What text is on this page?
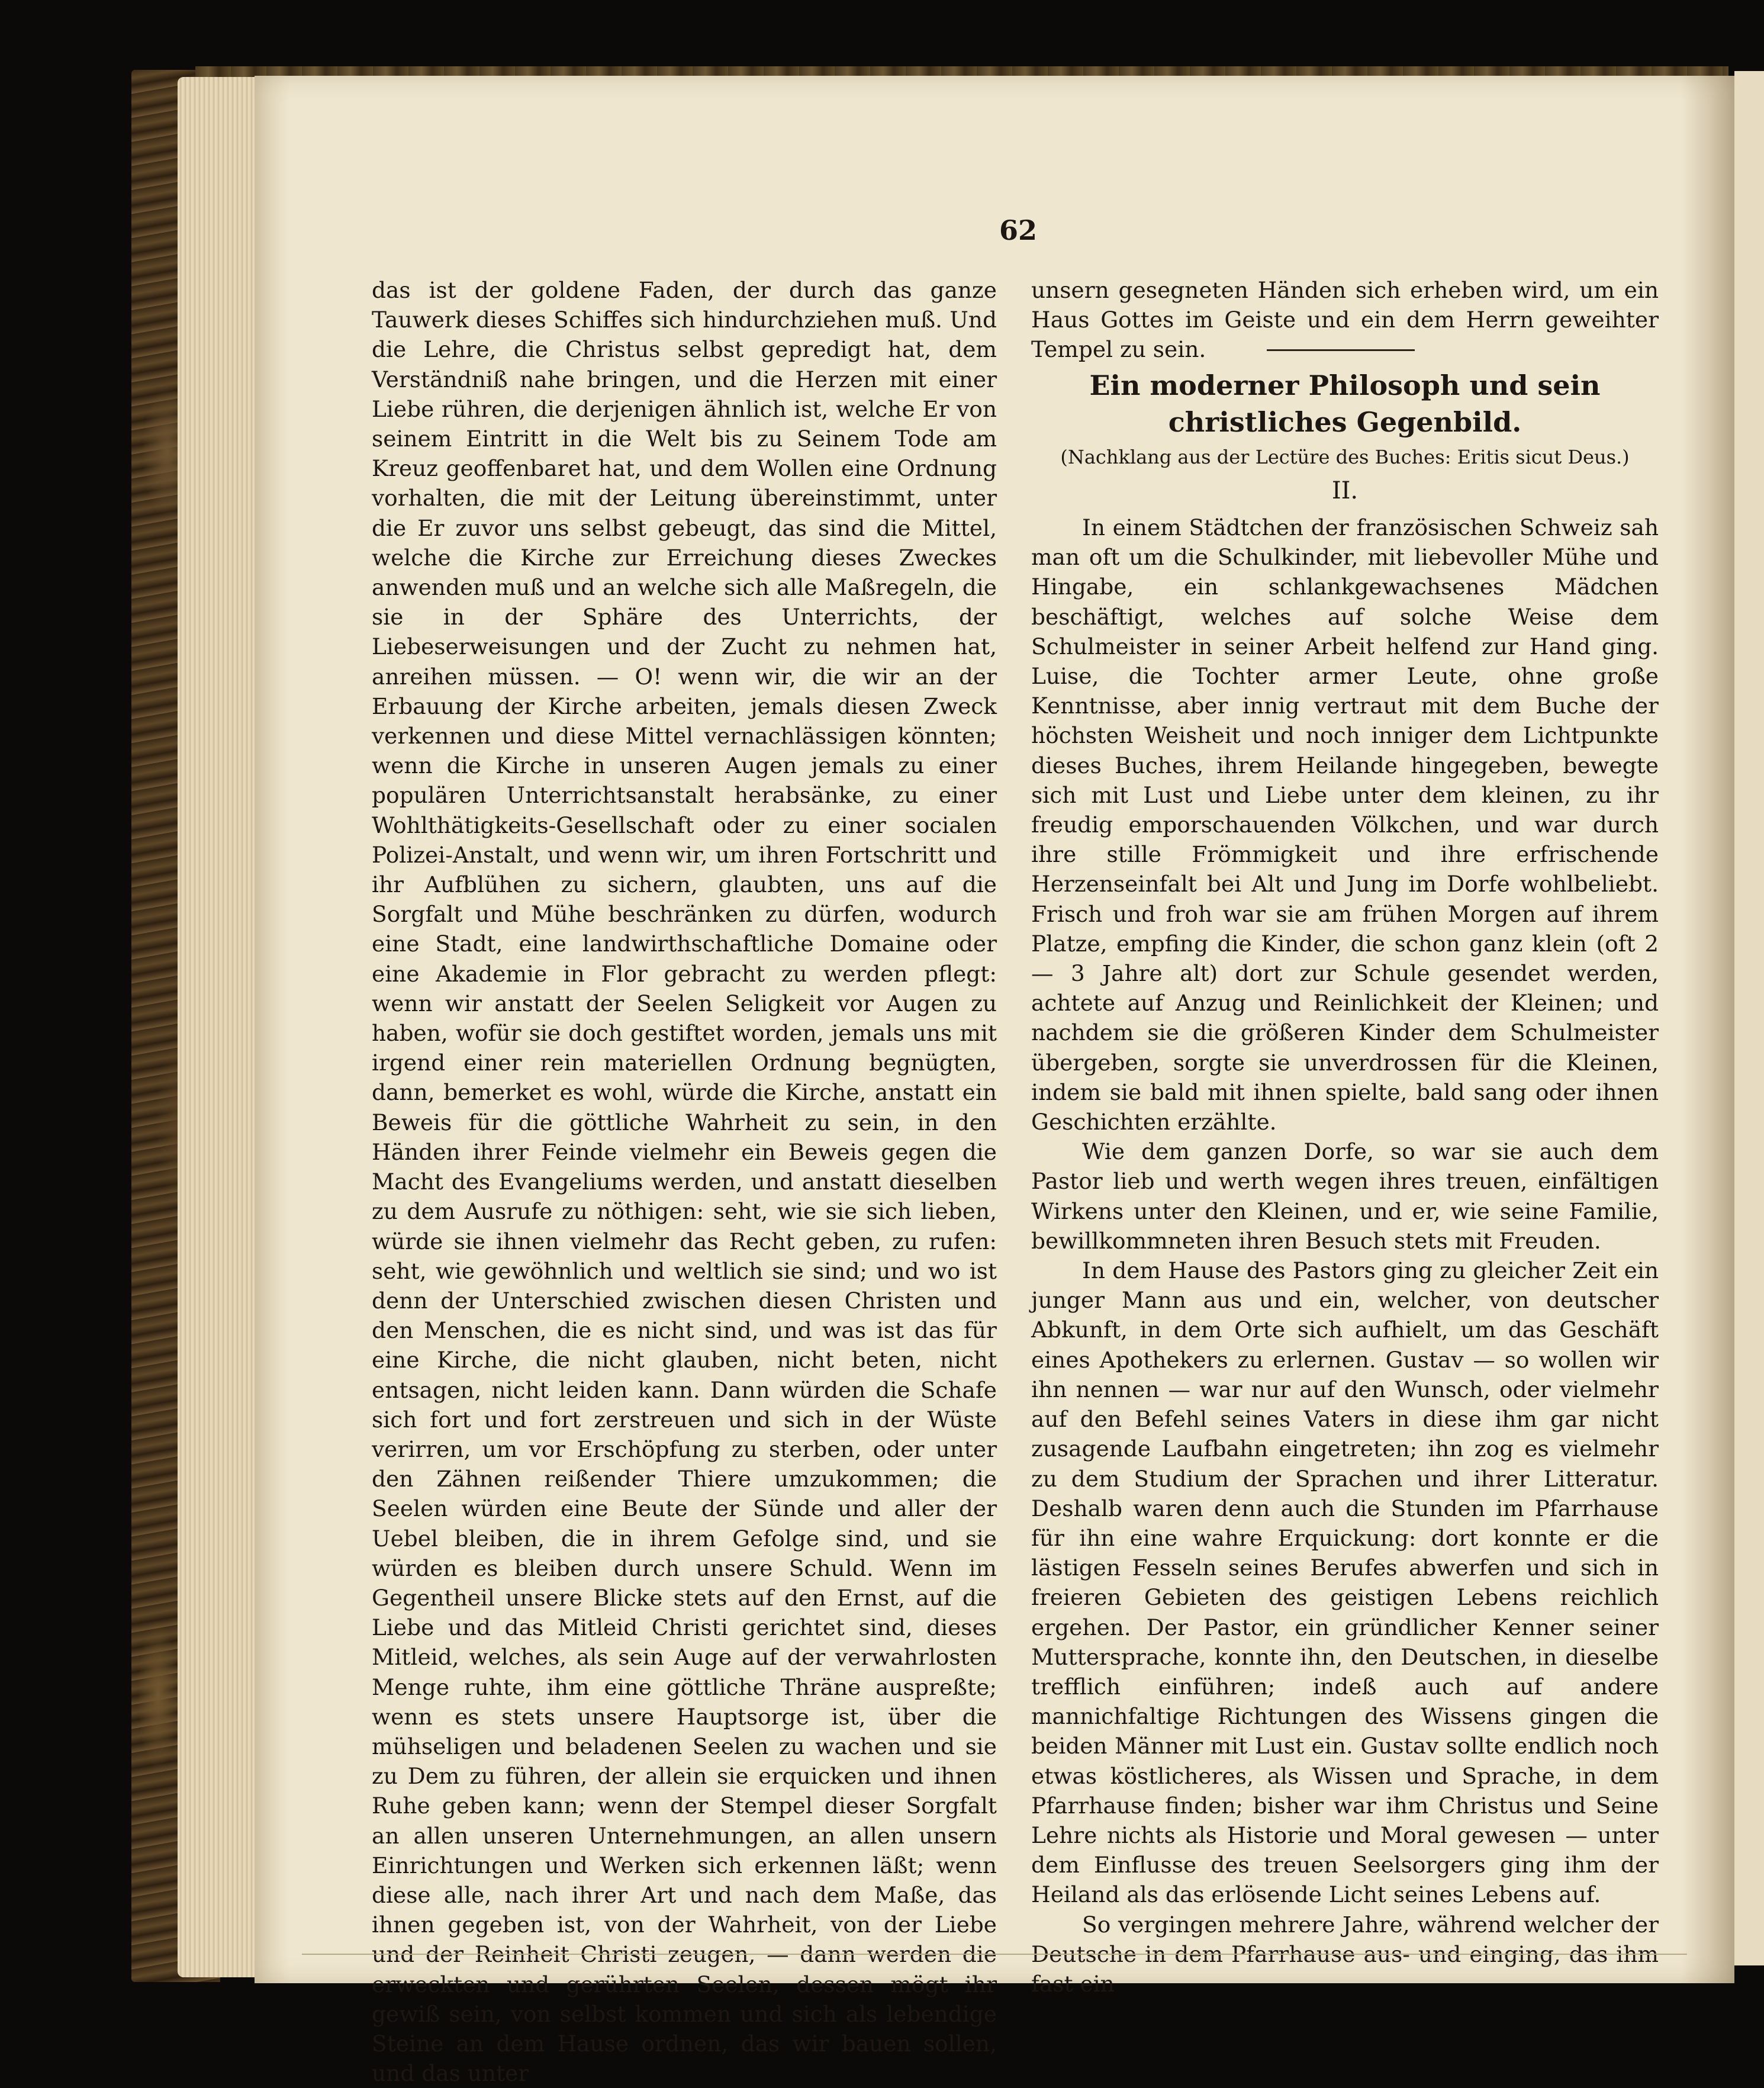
62

das ist der goldene Faden, der durch das ganze Tauwerk dieses Schiffes sich hindurchziehen muß. Und die Lehre, die Christus selbst gepredigt hat, dem Verständniß nahe bringen, und die Herzen mit einer Liebe rühren, die derjenigen ähnlich ist, welche Er von seinem Eintritt in die Welt bis zu Seinem Tode am Kreuz geoffenbaret hat, und dem Wollen eine Ordnung vorhalten, die mit der Leitung übereinstimmt, unter die Er zuvor uns selbst gebeugt, das sind die Mittel, welche die Kirche zur Erreichung dieses Zweckes anwenden muß und an welche sich alle Maßregeln, die sie in der Sphäre des Unterrichts, der Liebeserweisungen und der Zucht zu nehmen hat, anreihen müssen. — O! wenn wir, die wir an der Erbauung der Kirche arbeiten, jemals diesen Zweck verkennen und diese Mittel vernachlässigen könnten; wenn die Kirche in unseren Augen jemals zu einer populären Unterrichtsanstalt herabsänke, zu einer Wohlthätigkeits-Gesellschaft oder zu einer socialen Polizei-Anstalt, und wenn wir, um ihren Fortschritt und ihr Aufblühen zu sichern, glaubten, uns auf die Sorgfalt und Mühe beschränken zu dürfen, wodurch eine Stadt, eine landwirthschaftliche Domaine oder eine Akademie in Flor gebracht zu werden pflegt: wenn wir anstatt der Seelen Seligkeit vor Augen zu haben, wofür sie doch gestiftet worden, jemals uns mit irgend einer rein materiellen Ordnung begnügten, dann, bemerket es wohl, würde die Kirche, anstatt ein Beweis für die göttliche Wahrheit zu sein, in den Händen ihrer Feinde vielmehr ein Beweis gegen die Macht des Evangeliums werden, und anstatt dieselben zu dem Ausrufe zu nöthigen: seht, wie sie sich lieben, würde sie ihnen vielmehr das Recht geben, zu rufen: seht, wie gewöhnlich und weltlich sie sind; und wo ist denn der Unterschied zwischen diesen Christen und den Menschen, die es nicht sind, und was ist das für eine Kirche, die nicht glauben, nicht beten, nicht entsagen, nicht leiden kann. Dann würden die Schafe sich fort und fort zerstreuen und sich in der Wüste verirren, um vor Erschöpfung zu sterben, oder unter den Zähnen reißender Thiere umzukommen; die Seelen würden eine Beute der Sünde und aller der Uebel bleiben, die in ihrem Gefolge sind, und sie würden es bleiben durch unsere Schuld. Wenn im Gegentheil unsere Blicke stets auf den Ernst, auf die Liebe und das Mitleid Christi gerichtet sind, dieses Mitleid, welches, als sein Auge auf der verwahrlosten Menge ruhte, ihm eine göttliche Thräne auspreßte; wenn es stets unsere Hauptsorge ist, über die mühseligen und beladenen Seelen zu wachen und sie zu Dem zu führen, der allein sie erquicken und ihnen Ruhe geben kann; wenn der Stempel dieser Sorgfalt an allen unseren Unternehmungen, an allen unsern Einrichtungen und Werken sich erkennen läßt; wenn diese alle, nach ihrer Art und nach dem Maße, das ihnen gegeben ist, von der Wahrheit, von der Liebe und der Reinheit Christi zeugen, — dann werden die erweckten und gerührten Seelen, dessen mögt ihr gewiß sein, von selbst kommen und sich als lebendige Steine an dem Hause ordnen, das wir bauen sollen, und das unter

unsern gesegneten Händen sich erheben wird, um ein Haus Gottes im Geiste und ein dem Herrn geweihter Tempel zu sein.

Ein moderner Philosoph und sein christliches Gegenbild.
(Nachklang aus der Lectüre des Buches: Eritis sicut Deus.)
II.

In einem Städtchen der französischen Schweiz sah man oft um die Schulkinder, mit liebevoller Mühe und Hingabe, ein schlankgewachsenes Mädchen beschäftigt, welches auf solche Weise dem Schulmeister in seiner Arbeit helfend zur Hand ging. Luise, die Tochter armer Leute, ohne große Kenntnisse, aber innig vertraut mit dem Buche der höchsten Weisheit und noch inniger dem Lichtpunkte dieses Buches, ihrem Heilande hingegeben, bewegte sich mit Lust und Liebe unter dem kleinen, zu ihr freudig emporschauenden Völkchen, und war durch ihre stille Frömmigkeit und ihre erfrischende Herzenseinfalt bei Alt und Jung im Dorfe wohlbeliebt. Frisch und froh war sie am frühen Morgen auf ihrem Platze, empfing die Kinder, die schon ganz klein (oft 2 — 3 Jahre alt) dort zur Schule gesendet werden, achtete auf Anzug und Reinlichkeit der Kleinen; und nachdem sie die größeren Kinder dem Schulmeister übergeben, sorgte sie unverdrossen für die Kleinen, indem sie bald mit ihnen spielte, bald sang oder ihnen Geschichten erzählte.

Wie dem ganzen Dorfe, so war sie auch dem Pastor lieb und werth wegen ihres treuen, einfältigen Wirkens unter den Kleinen, und er, wie seine Familie, bewillkommneten ihren Besuch stets mit Freuden.

In dem Hause des Pastors ging zu gleicher Zeit ein junger Mann aus und ein, welcher, von deutscher Abkunft, in dem Orte sich aufhielt, um das Geschäft eines Apothekers zu erlernen. Gustav — so wollen wir ihn nennen — war nur auf den Wunsch, oder vielmehr auf den Befehl seines Vaters in diese ihm gar nicht zusagende Laufbahn eingetreten; ihn zog es vielmehr zu dem Studium der Sprachen und ihrer Litteratur. Deshalb waren denn auch die Stunden im Pfarrhause für ihn eine wahre Erquickung: dort konnte er die lästigen Fesseln seines Berufes abwerfen und sich in freieren Gebieten des geistigen Lebens reichlich ergehen. Der Pastor, ein gründlicher Kenner seiner Muttersprache, konnte ihn, den Deutschen, in dieselbe trefflich einführen; indeß auch auf andere mannichfaltige Richtungen des Wissens gingen die beiden Männer mit Lust ein. Gustav sollte endlich noch etwas köstlicheres, als Wissen und Sprache, in dem Pfarrhause finden; bisher war ihm Christus und Seine Lehre nichts als Historie und Moral gewesen — unter dem Einflusse des treuen Seelsorgers ging ihm der Heiland als das erlösende Licht seines Lebens auf.

So vergingen mehrere Jahre, während welcher der Deutsche in dem Pfarrhause aus- und einging, das ihm fast ein
